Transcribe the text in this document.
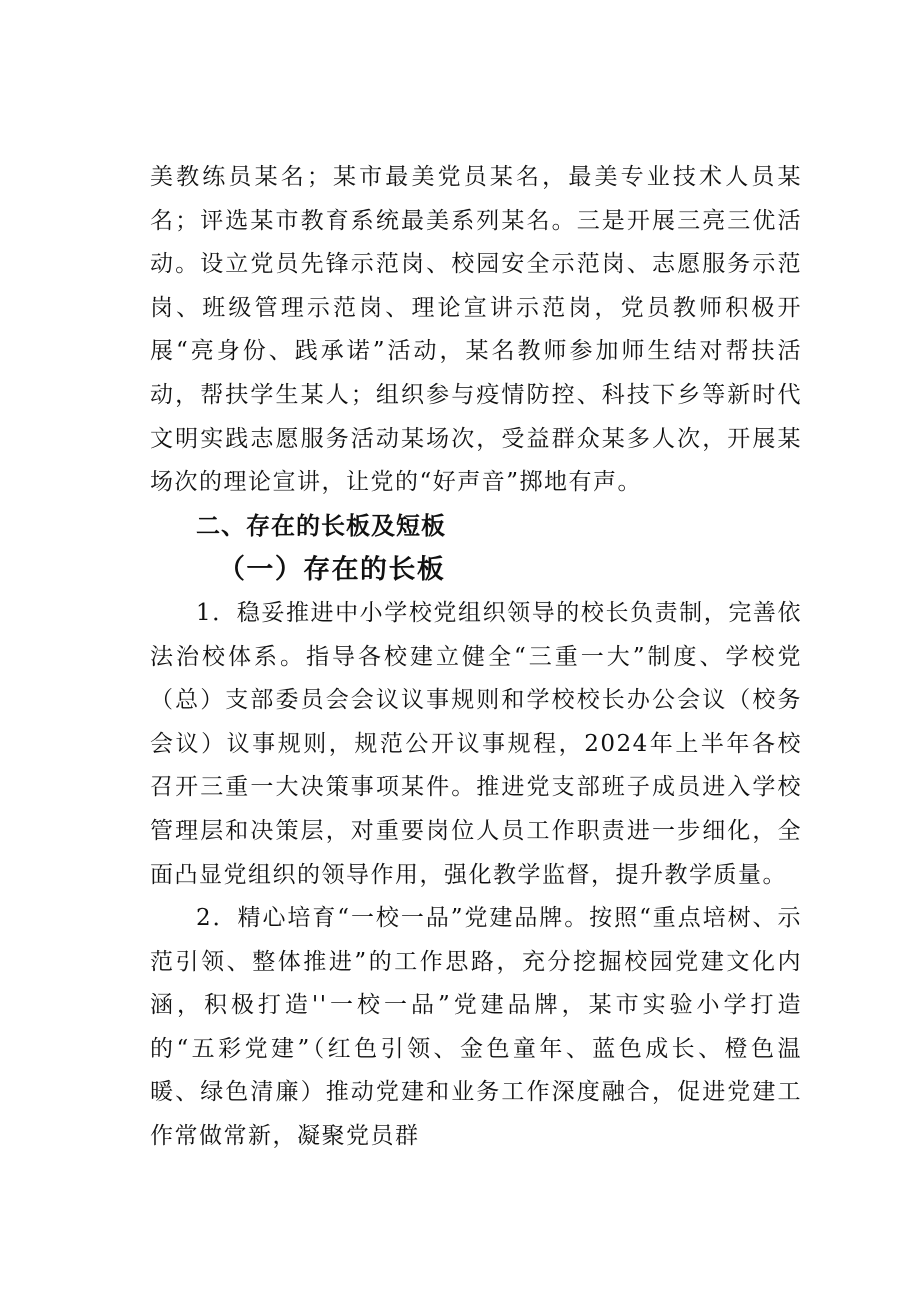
美教练员某名；某市最美党员某名，最美专业技术人员某名；评选某市教育系统最美系列某名。三是开展三亮三优活动。设立党员先锋示范岗、校园安全示范岗、志愿服务示范岗、班级管理示范岗、理论宣讲示范岗，党员教师积极开展“亮身份、践承诺”活动，某名教师参加师生结对帮扶活动，帮扶学生某人；组织参与疫情防控、科技下乡等新时代文明实践志愿服务活动某场次，受益群众某多人次，开展某场次的理论宣讲，让党的“好声音”掷地有声。

二、存在的长板及短板
（一）存在的长板

1．稳妥推进中小学校党组织领导的校长负责制，完善依法治校体系。指导各校建立健全“三重一大”制度、学校党（总）支部委员会会议议事规则和学校校长办公会议（校务会议）议事规则，规范公开议事规程，2024年上半年各校召开三重一大决策事项某件。推进党支部班子成员进入学校管理层和决策层，对重要岗位人员工作职责进一步细化，全面凸显党组织的领导作用，强化教学监督，提升教学质量。

2．精心培育“一校一品”党建品牌。按照“重点培树、示范引领、整体推进”的工作思路，充分挖掘校园党建文化内涵，积极打造''一校一品”党建品牌，某市实验小学打造的“五彩党建”（红色引领、金色童年、蓝色成长、橙色温暖、绿色清廉）推动党建和业务工作深度融合，促进党建工作常做常新，凝聚党员群
